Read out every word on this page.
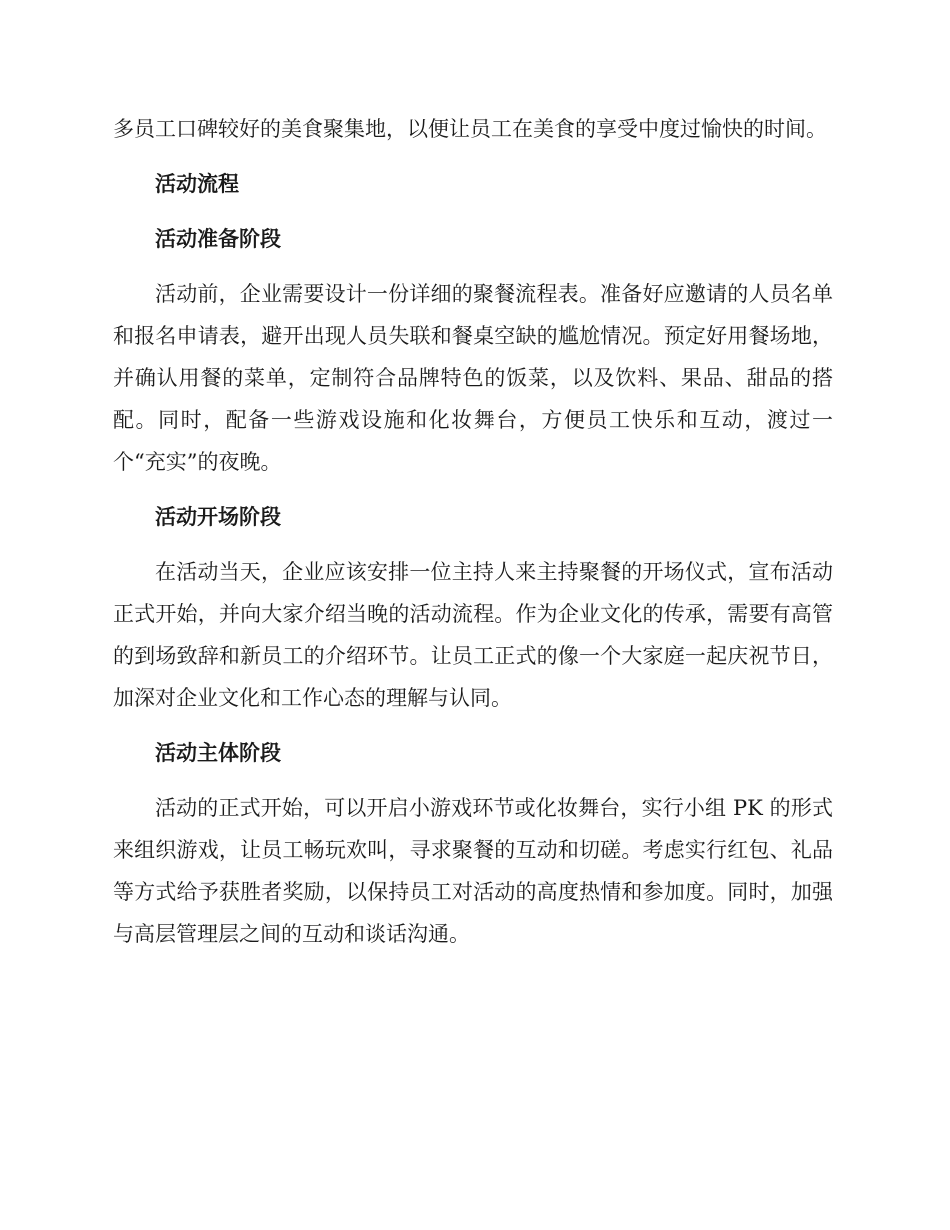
多员工口碑较好的美食聚集地，以便让员工在美食的享受中度过愉快的时间。

活动流程

活动准备阶段

活动前，企业需要设计一份详细的聚餐流程表。准备好应邀请的人员名单和报名申请表，避开出现人员失联和餐桌空缺的尴尬情况。预定好用餐场地，并确认用餐的菜单，定制符合品牌特色的饭菜，以及饮料、果品、甜品的搭配。同时，配备一些游戏设施和化妆舞台，方便员工快乐和互动，渡过一个“充实”的夜晚。

活动开场阶段

在活动当天，企业应该安排一位主持人来主持聚餐的开场仪式，宣布活动正式开始，并向大家介绍当晚的活动流程。作为企业文化的传承，需要有高管的到场致辞和新员工的介绍环节。让员工正式的像一个大家庭一起庆祝节日，加深对企业文化和工作心态的理解与认同。

活动主体阶段

活动的正式开始，可以开启小游戏环节或化妆舞台，实行小组 PK 的形式来组织游戏，让员工畅玩欢叫，寻求聚餐的互动和切磋。考虑实行红包、礼品等方式给予获胜者奖励，以保持员工对活动的高度热情和参加度。同时，加强与高层管理层之间的互动和谈话沟通。
